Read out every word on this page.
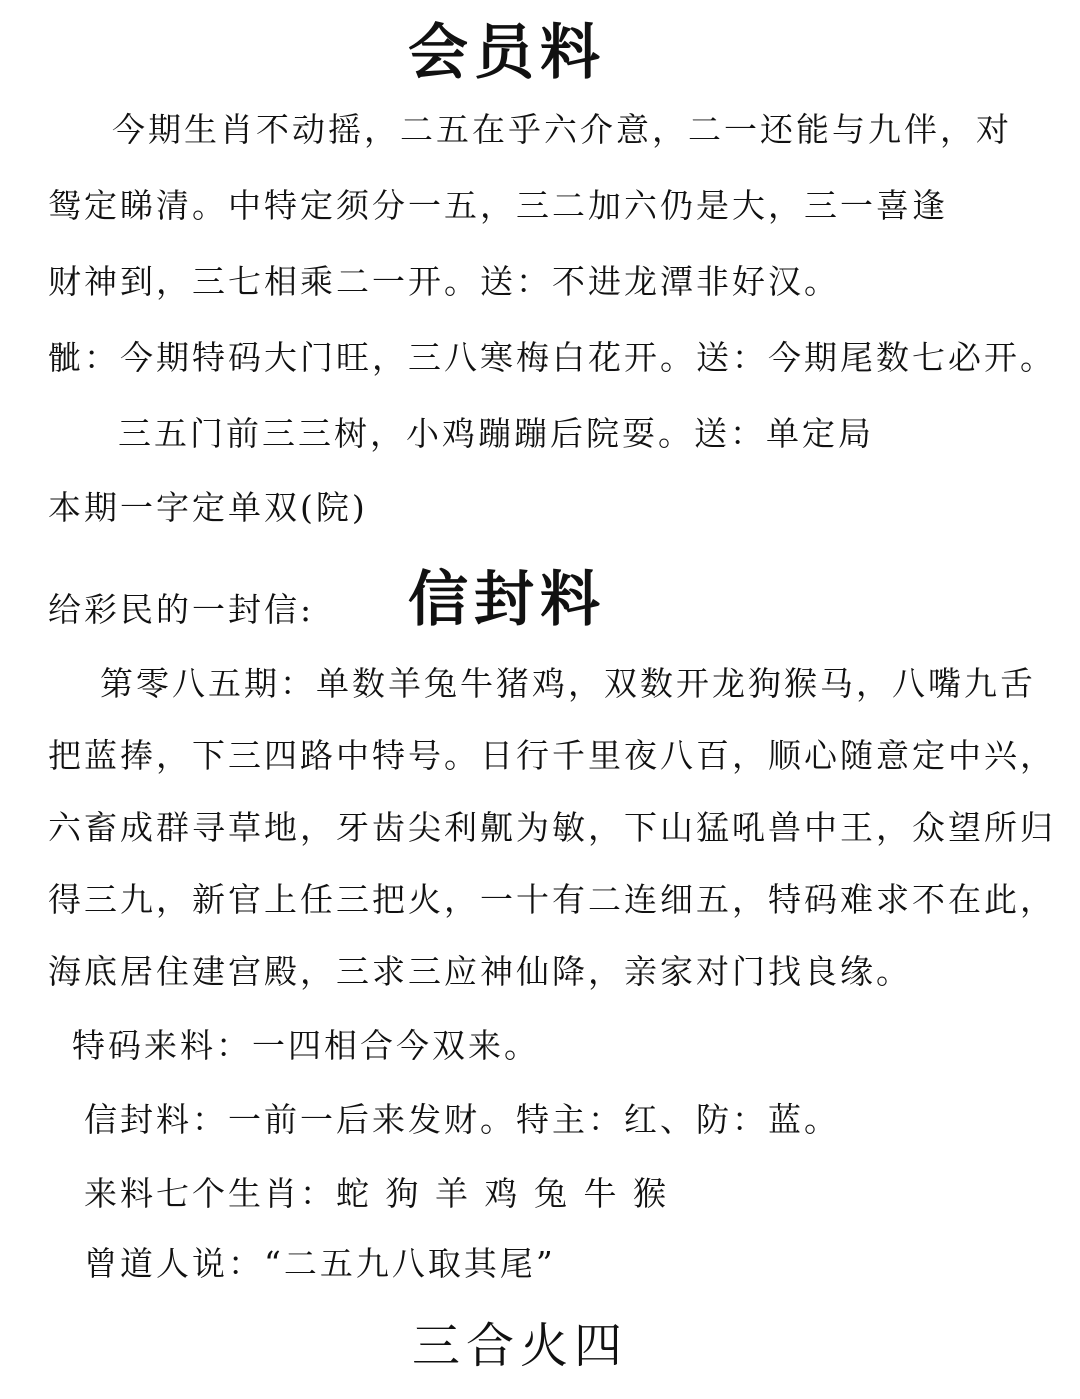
会员料
今期生肖不动摇，二五在乎六介意，二一还能与九伴，对
鸳定睇清。中特定须分一五，三二加六仍是大，三一喜逢
财神到，三七相乘二一开。送：不进龙潭非好汉。
骴：今期特码大门旺，三八寒梅白花开。送：今期尾数七必开。
三五门前三三树，小鸡蹦蹦后院耍。送：单定局
本期一字定单双(院)
给彩民的一封信: 信封料
第零八五期：单数羊兔牛猪鸡，双数开龙狗猴马，八嘴九舌
把蓝捧，下三四路中特号。日行千里夜八百，顺心随意定中兴，
六畜成群寻草地，牙齿尖利鼿为敏，下山猛吼兽中王，众望所归
得三九，新官上任三把火，一十有二连细五，特码难求不在此，
海底居住建宫殿，三求三应神仙降，亲家对门找良缘。
特码来料：一四相合今双来。
信封料：一前一后来发财。特主：红、防：蓝。
来料七个生肖：蛇 狗 羊 鸡 兔 牛 猴
曾道人说：“二五九八取其尾”
三合火四
